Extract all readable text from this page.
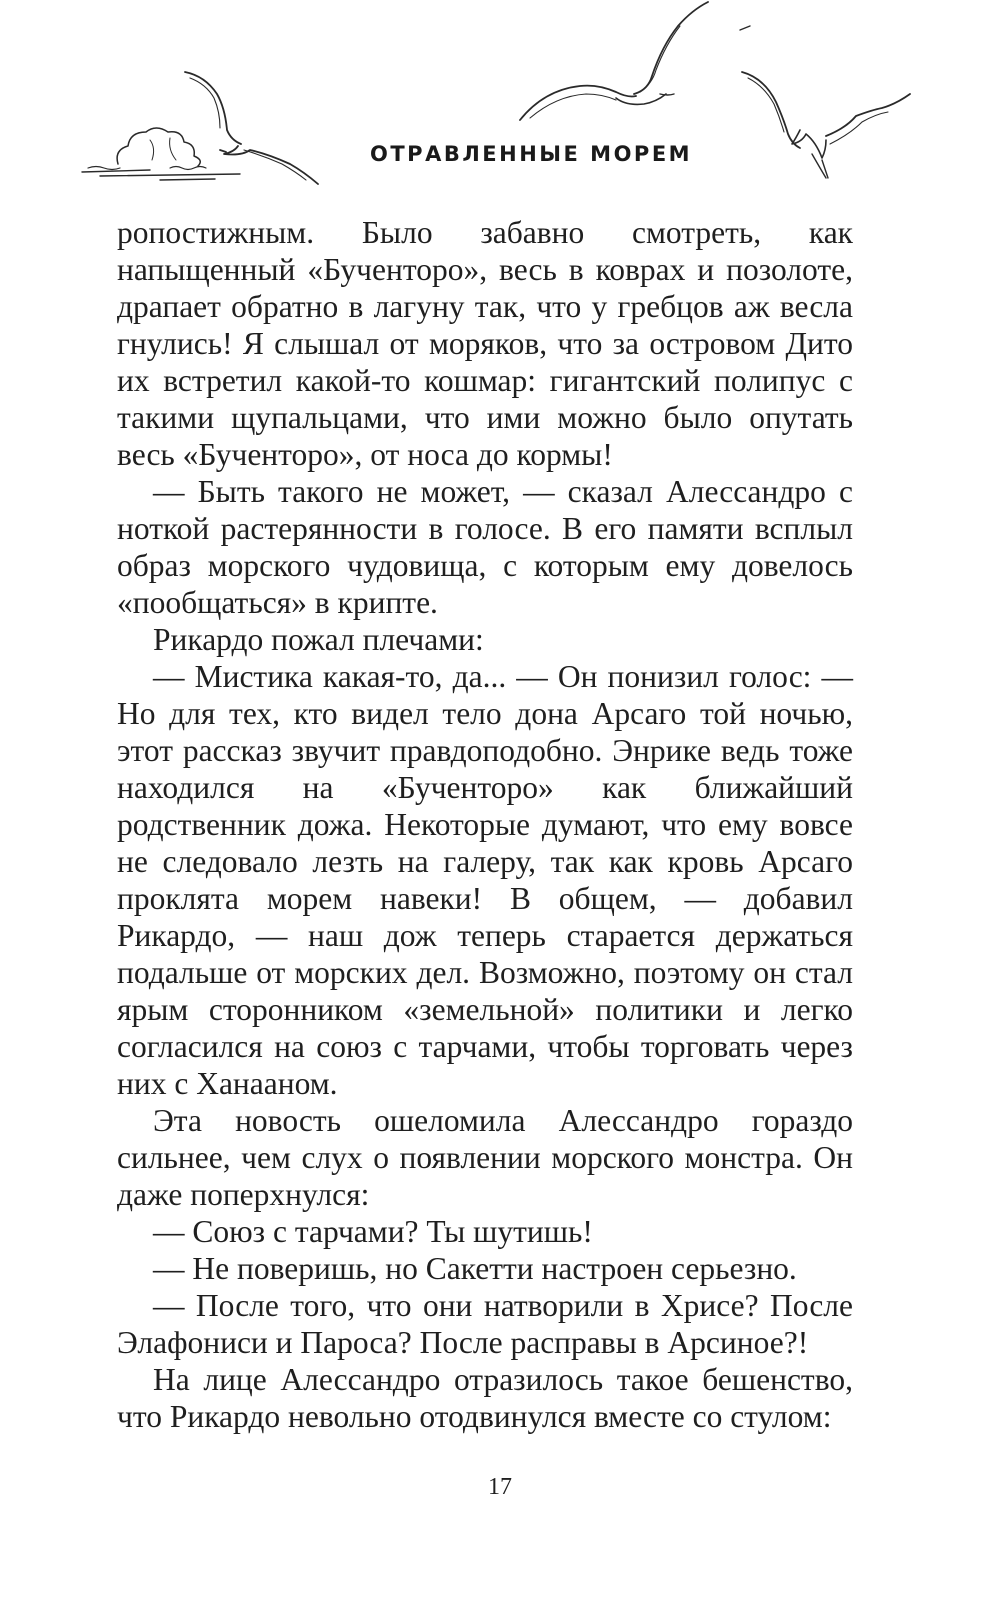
ОТРАВЛЕННЫЕ МОРЕМ

ропостижным. Было забавно смотреть, как напыщенный «Бученторо», весь в коврах и позолоте, драпает обратно в лагуну так, что у гребцов аж весла гнулись! Я слышал от моряков, что за островом Дито их встретил какой-то кошмар: гигантский полипус с такими щупальцами, что ими можно было опутать весь «Бученторо», от носа до кормы!

— Быть такого не может, — сказал Алессандро с ноткой растерянности в голосе. В его памяти всплыл образ морского чудовища, с которым ему довелось «пообщаться» в крипте.

Рикардо пожал плечами:

— Мистика какая-то, да... — Он понизил голос: — Но для тех, кто видел тело дона Арсаго той ночью, этот рассказ звучит правдоподобно. Энрике ведь тоже находился на «Бученторо» как ближайший родственник дожа. Некоторые думают, что ему вовсе не следовало лезть на галеру, так как кровь Арсаго проклята морем навеки! В общем, — добавил Рикардо, — наш дож теперь старается держаться подальше от морских дел. Возможно, поэтому он стал ярым сторонником «земельной» политики и легко согласился на союз с тарчами, чтобы торговать через них с Ханааном.

Эта новость ошеломила Алессандро гораздо сильнее, чем слух о появлении морского монстра. Он даже поперхнулся:

— Союз с тарчами? Ты шутишь!

— Не поверишь, но Сакетти настроен серьезно.

— После того, что они натворили в Хрисе? После Элафониси и Пароса? После расправы в Арсиное?!

На лице Алессандро отразилось такое бешенство, что Рикардо невольно отодвинулся вместе со стулом:

17
